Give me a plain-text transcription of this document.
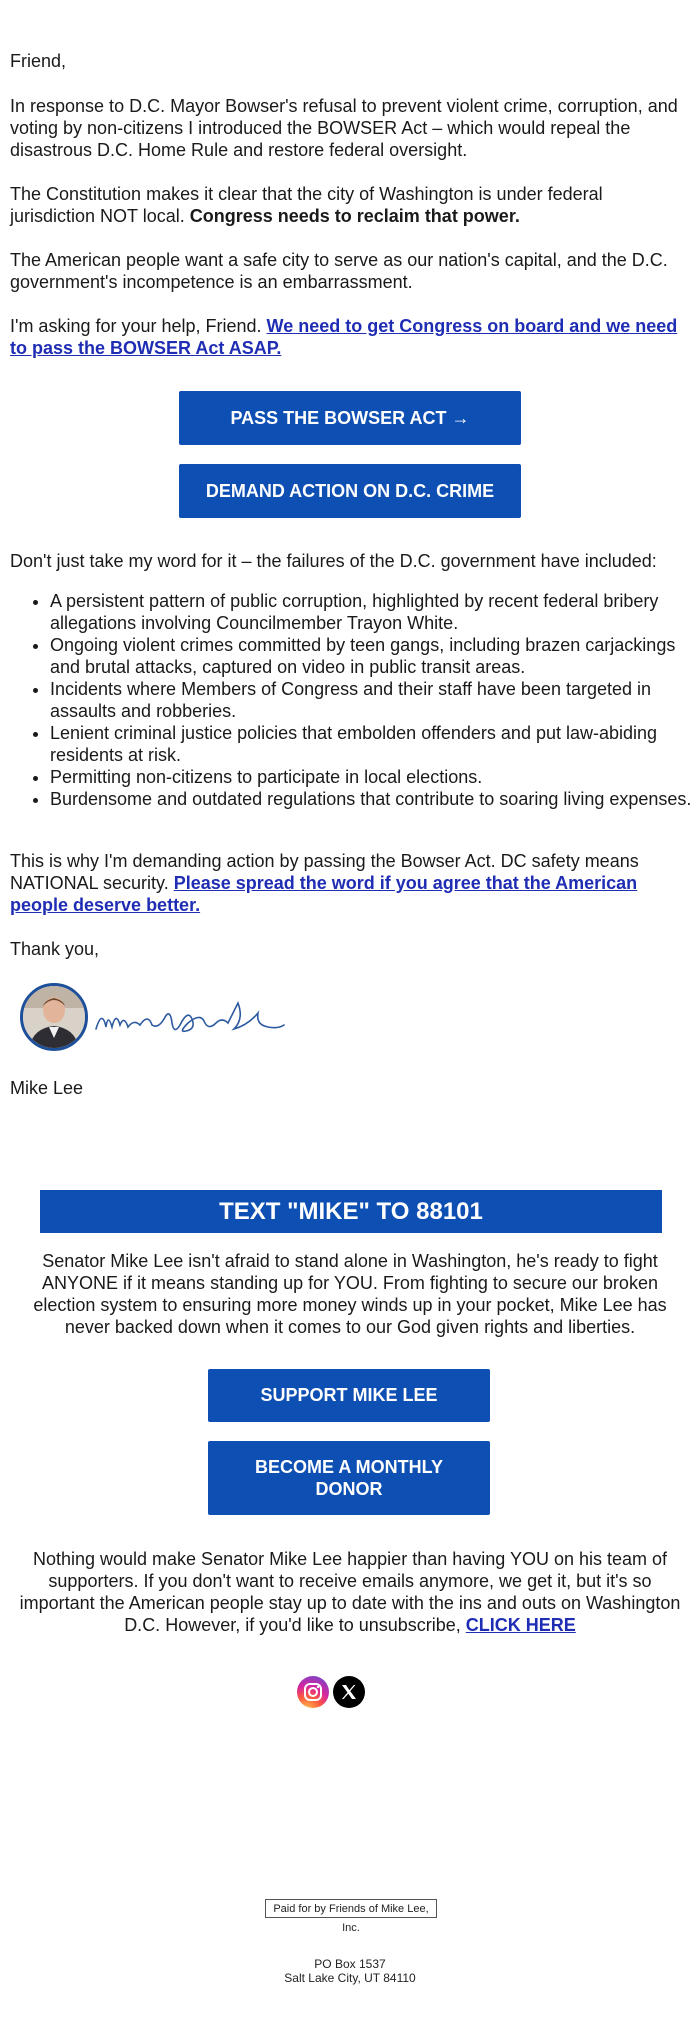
Friend,

In response to D.C. Mayor Bowser's refusal to prevent violent crime, corruption, and voting by non-citizens I introduced the BOWSER Act – which would repeal the disastrous D.C. Home Rule and restore federal oversight.

The Constitution makes it clear that the city of Washington is under federal jurisdiction NOT local. Congress needs to reclaim that power.

The American people want a safe city to serve as our nation's capital, and the D.C. government's incompetence is an embarrassment.

I'm asking for your help, Friend. We need to get Congress on board and we need to pass the BOWSER Act ASAP.

PASS THE BOWSER ACT →
DEMAND ACTION ON D.C. CRIME

Don't just take my word for it – the failures of the D.C. government have included:

• A persistent pattern of public corruption, highlighted by recent federal bribery allegations involving Councilmember Trayon White.
• Ongoing violent crimes committed by teen gangs, including brazen carjackings and brutal attacks, captured on video in public transit areas.
• Incidents where Members of Congress and their staff have been targeted in assaults and robberies.
• Lenient criminal justice policies that embolden offenders and put law-abiding residents at risk.
• Permitting non-citizens to participate in local elections.
• Burdensome and outdated regulations that contribute to soaring living expenses.

This is why I'm demanding action by passing the Bowser Act. DC safety means NATIONAL security. Please spread the word if you agree that the American people deserve better.

Thank you,
Mike Lee
TEXT "MIKE" TO 88101

Senator Mike Lee isn't afraid to stand alone in Washington, he's ready to fight ANYONE if it means standing up for YOU. From fighting to secure our broken election system to ensuring more money winds up in your pocket, Mike Lee has never backed down when it comes to our God given rights and liberties.

SUPPORT MIKE LEE
BECOME A MONTHLY DONOR

Nothing would make Senator Mike Lee happier than having YOU on his team of supporters. If you don't want to receive emails anymore, we get it, but it's so important the American people stay up to date with the ins and outs on Washington D.C. However, if you'd like to unsubscribe, CLICK HERE

Paid for by Friends of Mike Lee, Inc.
PO Box 1537
Salt Lake City, UT 84110
